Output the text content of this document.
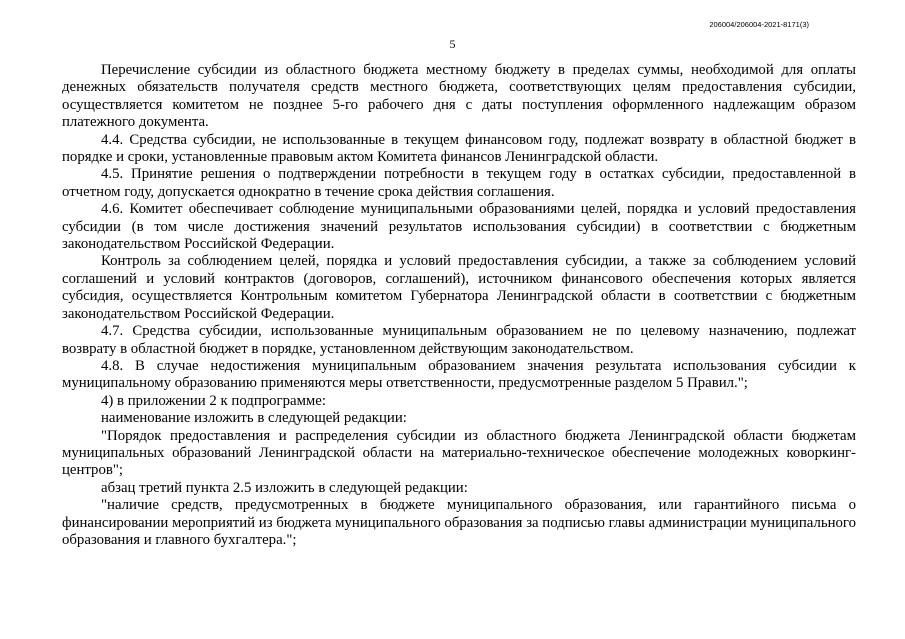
206004/206004-2021-8171(3)
5

Перечисление субсидии из областного бюджета местному бюджету в пределах суммы, необходимой для оплаты денежных обязательств получателя средств местного бюджета, соответствующих целям предоставления субсидии, осуществляется комитетом не позднее 5-го рабочего дня с даты поступления оформленного надлежащим образом платежного документа.

4.4. Средства субсидии, не использованные в текущем финансовом году, подлежат возврату в областной бюджет в порядке и сроки, установленные правовым актом Комитета финансов Ленинградской области.

4.5. Принятие решения о подтверждении потребности в текущем году в остатках субсидии, предоставленной в отчетном году, допускается однократно в течение срока действия соглашения.

4.6. Комитет обеспечивает соблюдение муниципальными образованиями целей, порядка и условий предоставления субсидии (в том числе достижения значений результатов использования субсидии) в соответствии с бюджетным законодательством Российской Федерации.

Контроль за соблюдением целей, порядка и условий предоставления субсидии, а также за соблюдением условий соглашений и условий контрактов (договоров, соглашений), источником финансового обеспечения которых является субсидия, осуществляется Контрольным комитетом Губернатора Ленинградской области в соответствии с бюджетным законодательством Российской Федерации.

4.7. Средства субсидии, использованные муниципальным образованием не по целевому назначению, подлежат возврату в областной бюджет в порядке, установленном действующим законодательством.

4.8. В случае недостижения муниципальным образованием значения результата использования субсидии к муниципальному образованию применяются меры ответственности, предусмотренные разделом 5 Правил.";

4) в приложении 2 к подпрограмме:

наименование изложить в следующей редакции:

"Порядок предоставления и распределения субсидии из областного бюджета Ленинградской области бюджетам муниципальных образований Ленинградской области на материально-техническое обеспечение молодежных коворкинг-центров";

абзац третий пункта 2.5 изложить в следующей редакции:

"наличие средств, предусмотренных в бюджете муниципального образования, или гарантийного письма о финансировании мероприятий из бюджета муниципального образования за подписью главы администрации муниципального образования и главного бухгалтера.";
